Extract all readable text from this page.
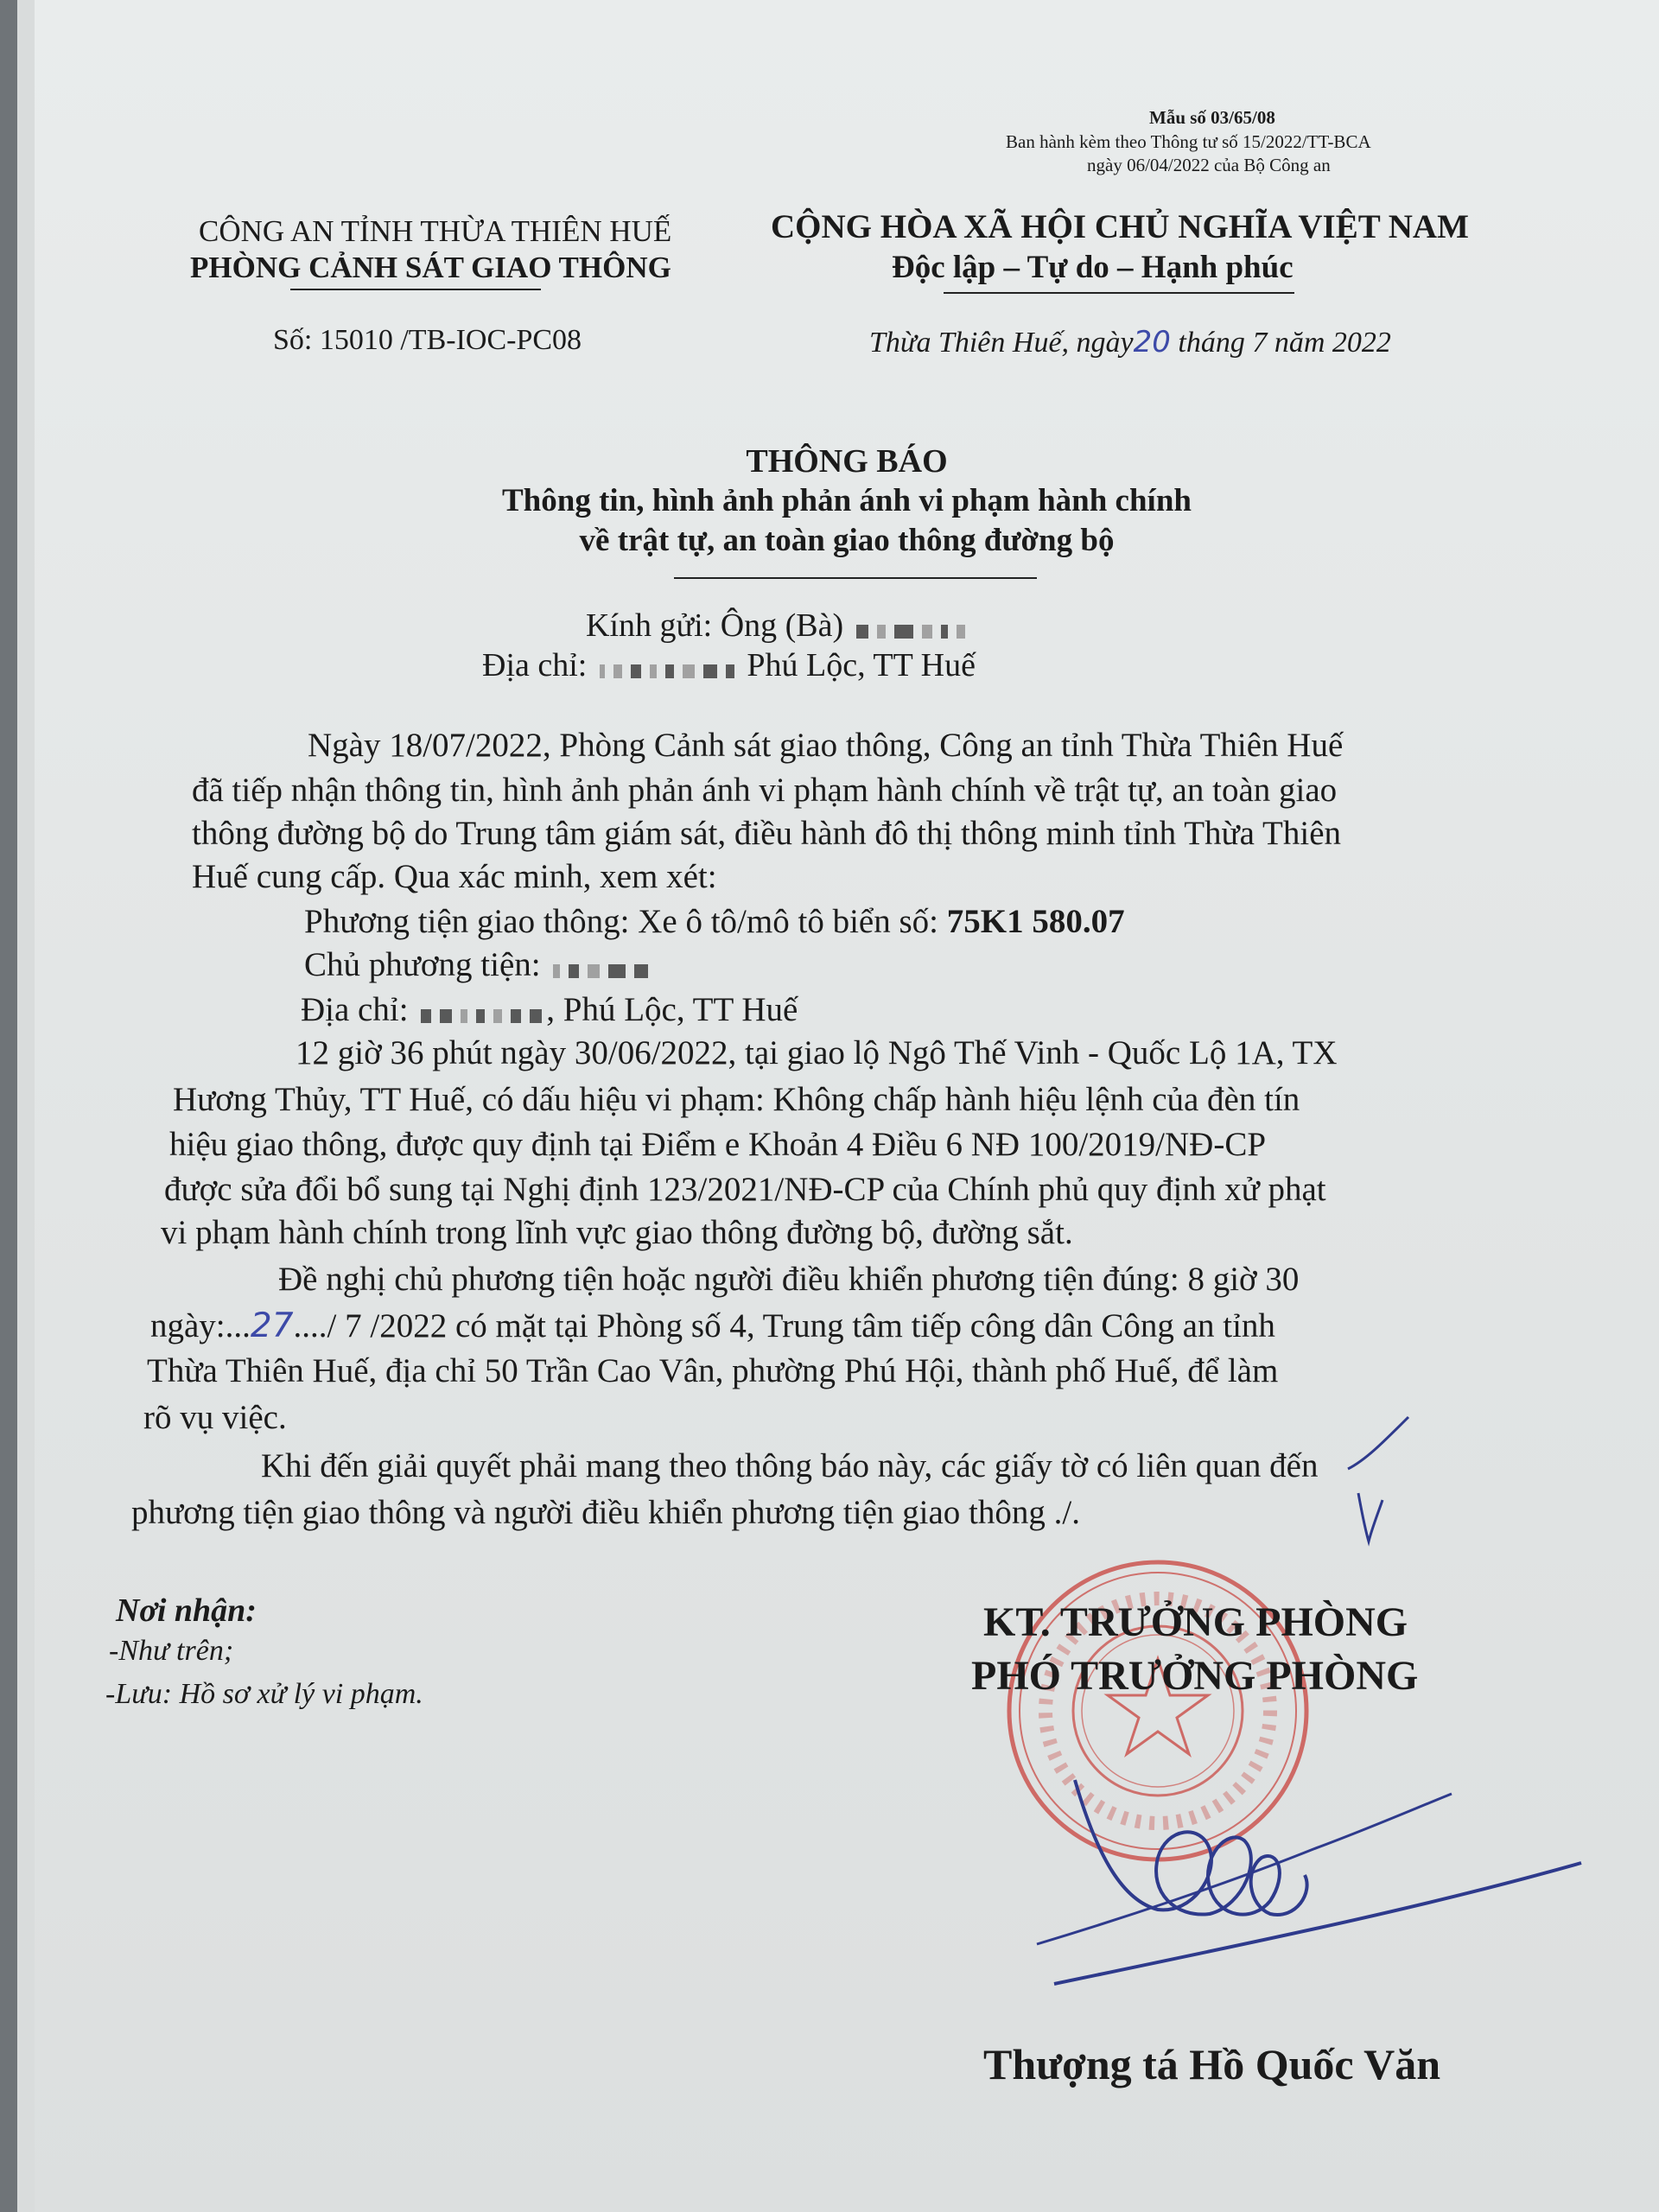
Mẫu số 03/65/08
Ban hành kèm theo Thông tư số 15/2022/TT-BCA
ngày 06/04/2022 của Bộ Công an
CÔNG AN TỈNH THỪA THIÊN HUẾ
PHÒNG CẢNH SÁT GIAO THÔNG
Số: 15010 /TB-IOC-PC08
CỘNG HÒA XÃ HỘI CHỦ NGHĨA VIỆT NAM
Độc lập – Tự do – Hạnh phúc
Thừa Thiên Huế, ngày20 tháng 7 năm 2022
THÔNG BÁO
Thông tin, hình ảnh phản ánh vi phạm hành chính
về trật tự, an toàn giao thông đường bộ
Kính gửi: Ông (Bà)
Địa chỉ:	Phú Lộc, TT Huế
Ngày 18/07/2022, Phòng Cảnh sát giao thông, Công an tỉnh Thừa Thiên Huế
đã tiếp nhận thông tin, hình ảnh phản ánh vi phạm hành chính về trật tự, an toàn giao
thông đường bộ do Trung tâm giám sát, điều hành đô thị thông minh tỉnh Thừa Thiên
Huế cung cấp. Qua xác minh, xem xét:
Phương tiện giao thông: Xe ô tô/mô tô biển số: 75K1 580.07
Chủ phương tiện:
Địa chỉ:	, Phú Lộc, TT Huế
12 giờ 36 phút ngày 30/06/2022, tại giao lộ Ngô Thế Vinh - Quốc Lộ 1A, TX
Hương Thủy, TT Huế, có dấu hiệu vi phạm: Không chấp hành hiệu lệnh của đèn tín
hiệu giao thông, được quy định tại Điểm e Khoản 4 Điều 6 NĐ 100/2019/NĐ-CP
được sửa đổi bổ sung tại Nghị định 123/2021/NĐ-CP của Chính phủ quy định xử phạt
vi phạm hành chính trong lĩnh vực giao thông đường bộ, đường sắt.
Đề nghị chủ phương tiện hoặc người điều khiển phương tiện đúng: 8 giờ 30
ngày:...27..../ 7 /2022 có mặt tại Phòng số 4, Trung tâm tiếp công dân Công an tỉnh
Thừa Thiên Huế, địa chỉ 50 Trần Cao Vân, phường Phú Hội, thành phố Huế, để làm
rõ vụ việc.
Khi đến giải quyết phải mang theo thông báo này, các giấy tờ có liên quan đến
phương tiện giao thông và người điều khiển phương tiện giao thông ./.
Nơi nhận:
-Như trên;
-Lưu: Hồ sơ xử lý vi phạm.
KT. TRƯỞNG PHÒNG
PHÓ TRƯỞNG PHÒNG
Thượng tá Hồ Quốc Văn
